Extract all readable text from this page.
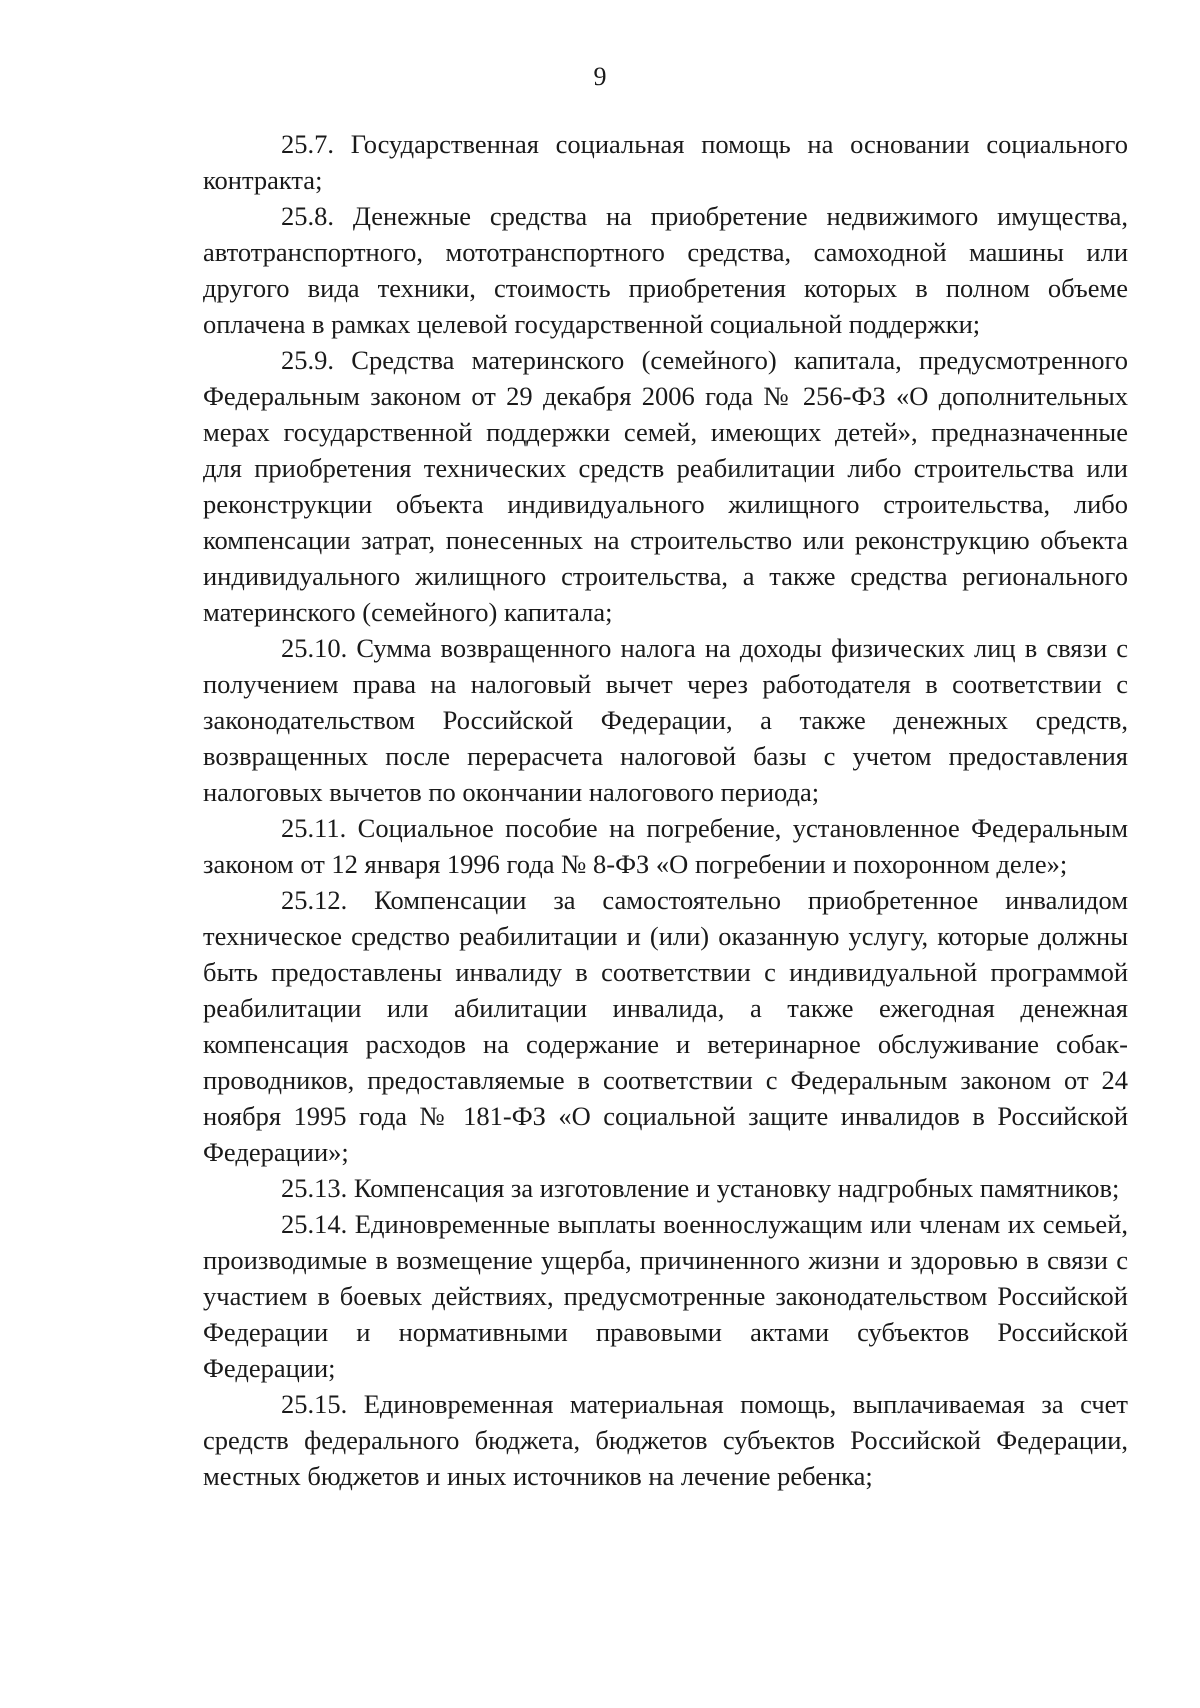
9

25.7. Государственная социальная помощь на основании социального контракта;

25.8. Денежные средства на приобретение недвижимого имущества, автотранспортного, мототранспортного средства, самоходной машины или другого вида техники, стоимость приобретения которых в полном объеме оплачена в рамках целевой государственной социальной поддержки;

25.9. Средства материнского (семейного) капитала, предусмотренного Федеральным законом от 29 декабря 2006 года № 256-ФЗ «О дополнительных мерах государственной поддержки семей, имеющих детей», предназначенные для приобретения технических средств реабилитации либо строительства или реконструкции объекта индивидуального жилищного строительства, либо компенсации затрат, понесенных на строительство или реконструкцию объекта индивидуального жилищного строительства, а также средства регионального материнского (семейного) капитала;

25.10. Сумма возвращенного налога на доходы физических лиц в связи с получением права на налоговый вычет через работодателя в соответствии с законодательством Российской Федерации, а также денежных средств, возвращенных после перерасчета налоговой базы с учетом предоставления налоговых вычетов по окончании налогового периода;

25.11. Социальное пособие на погребение, установленное Федеральным законом от 12 января 1996 года № 8-ФЗ «О погребении и похоронном деле»;

25.12. Компенсации за самостоятельно приобретенное инвалидом техническое средство реабилитации и (или) оказанную услугу, которые должны быть предоставлены инвалиду в соответствии с индивидуальной программой реабилитации или абилитации инвалида, а также ежегодная денежная компенсация расходов на содержание и ветеринарное обслуживание собак-проводников, предоставляемые в соответствии с Федеральным законом от 24 ноября 1995 года № 181-ФЗ «О социальной защите инвалидов в Российской Федерации»;

25.13. Компенсация за изготовление и установку надгробных памятников;

25.14. Единовременные выплаты военнослужащим или членам их семьей, производимые в возмещение ущерба, причиненного жизни и здоровью в связи с участием в боевых действиях, предусмотренные законодательством Российской Федерации и нормативными правовыми актами субъектов Российской Федерации;

25.15. Единовременная материальная помощь, выплачиваемая за счет средств федерального бюджета, бюджетов субъектов Российской Федерации, местных бюджетов и иных источников на лечение ребенка;
